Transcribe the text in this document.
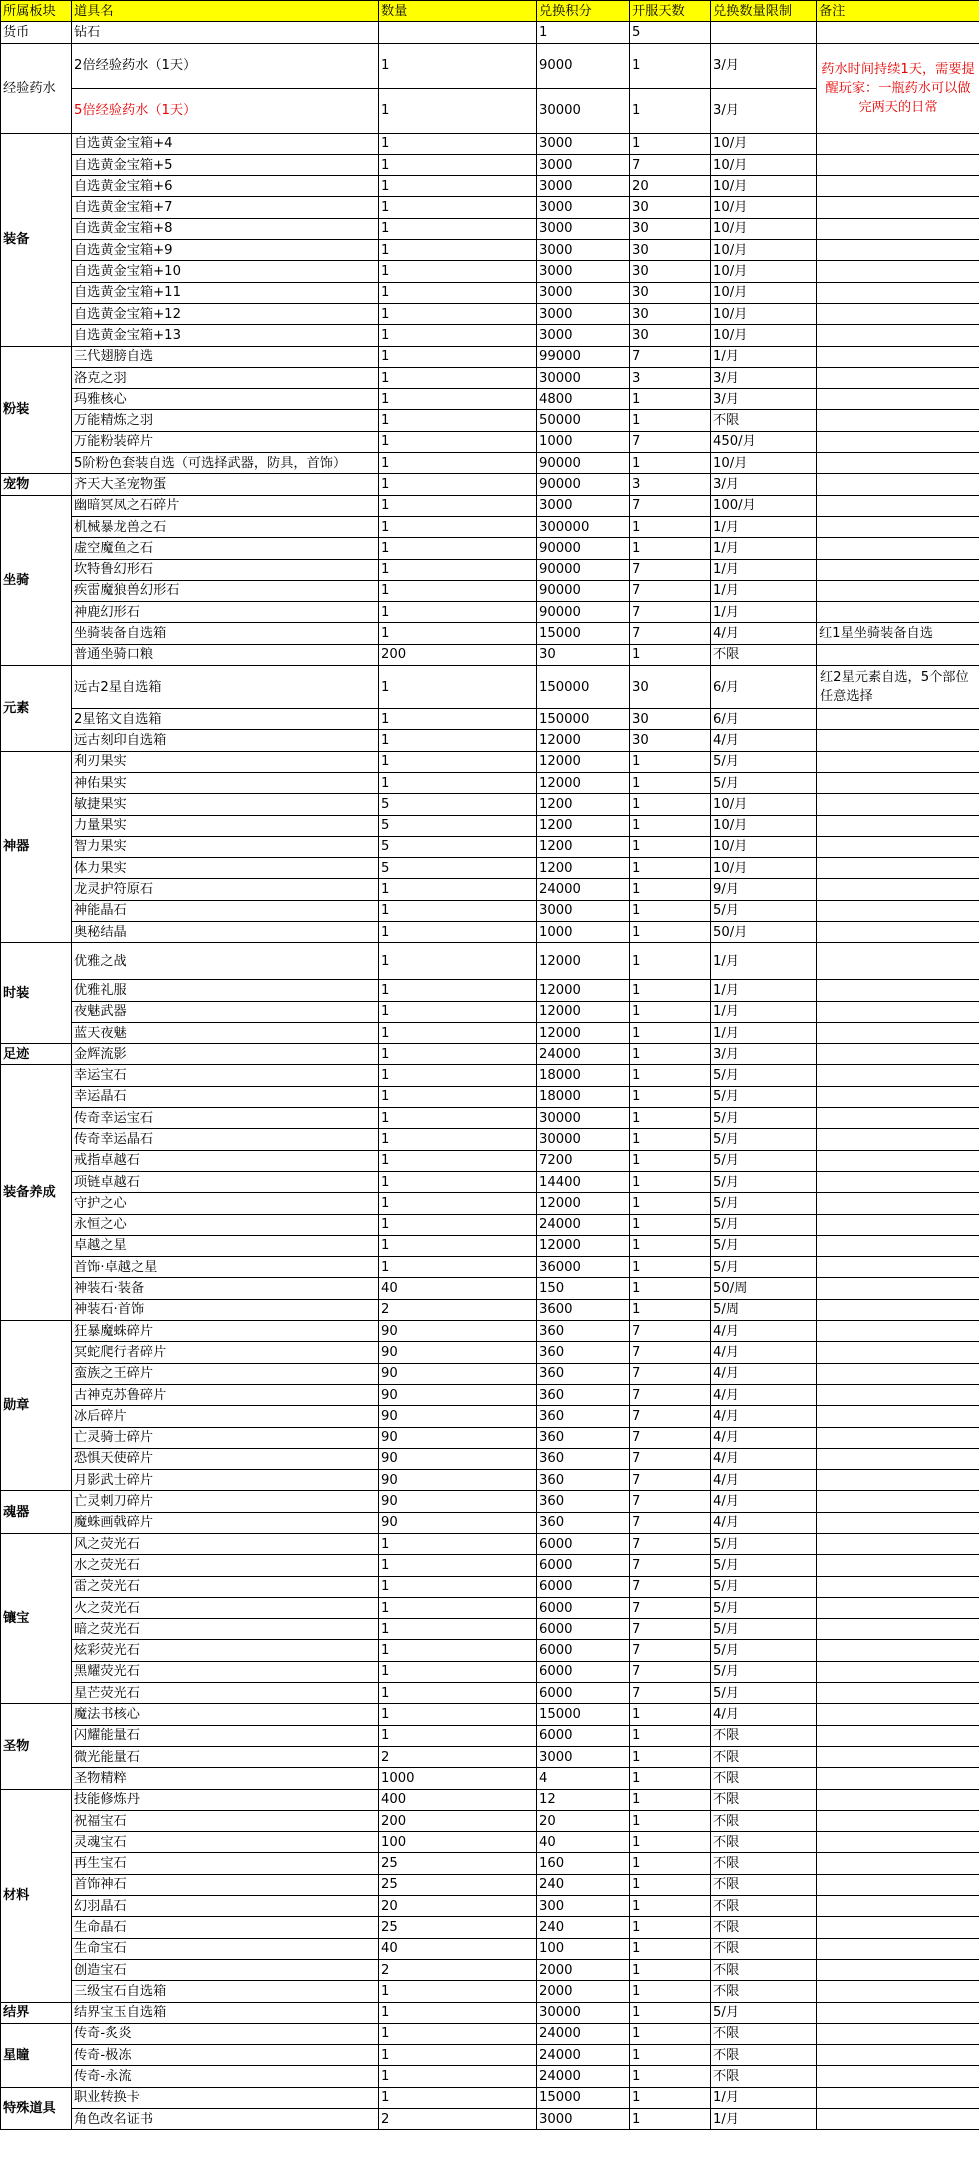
所属板块	道具名	数量	兑换积分	开服天数	兑换数量限制	备注
货币	钻石		1	5		
经验药水	2倍经验药水（1天）	1	9000	1	3/月	药水时间持续1天，需要提醒玩家：一瓶药水可以做完两天的日常
	5倍经验药水（1天）	1	30000	1	3/月	
装备	自选黄金宝箱+4	1	3000	1	10/月	
	自选黄金宝箱+5	1	3000	7	10/月	
	自选黄金宝箱+6	1	3000	20	10/月	
	自选黄金宝箱+7	1	3000	30	10/月	
	自选黄金宝箱+8	1	3000	30	10/月	
	自选黄金宝箱+9	1	3000	30	10/月	
	自选黄金宝箱+10	1	3000	30	10/月	
	自选黄金宝箱+11	1	3000	30	10/月	
	自选黄金宝箱+12	1	3000	30	10/月	
	自选黄金宝箱+13	1	3000	30	10/月	
粉装	三代翅膀自选	1	99000	7	1/月	
	洛克之羽	1	30000	3	3/月	
	玛雅核心	1	4800	1	3/月	
	万能精炼之羽	1	50000	1	不限	
	万能粉装碎片	1	1000	7	450/月	
	5阶粉色套装自选（可选择武器，防具，首饰）	1	90000	1	10/月	
宠物	齐天大圣宠物蛋	1	90000	3	3/月	
坐骑	幽暗冥凤之石碎片	1	3000	7	100/月	
	机械暴龙兽之石	1	300000	1	1/月	
	虚空魔鱼之石	1	90000	1	1/月	
	坎特鲁幻形石	1	90000	7	1/月	
	疾雷魔狼兽幻形石	1	90000	7	1/月	
	神鹿幻形石	1	90000	7	1/月	
	坐骑装备自选箱	1	15000	7	4/月	红1星坐骑装备自选
	普通坐骑口粮	200	30	1	不限	
元素	远古2星自选箱	1	150000	30	6/月	红2星元素自选，5个部位任意选择
	2星铭文自选箱	1	150000	30	6/月	
	远古刻印自选箱	1	12000	30	4/月	
神器	利刃果实	1	12000	1	5/月	
	神佑果实	1	12000	1	5/月	
	敏捷果实	5	1200	1	10/月	
	力量果实	5	1200	1	10/月	
	智力果实	5	1200	1	10/月	
	体力果实	5	1200	1	10/月	
	龙灵护符原石	1	24000	1	9/月	
	神能晶石	1	3000	1	5/月	
	奥秘结晶	1	1000	1	50/月	
时装	优雅之战	1	12000	1	1/月	
	优雅礼服	1	12000	1	1/月	
	夜魅武器	1	12000	1	1/月	
	蓝天夜魅	1	12000	1	1/月	
足迹	金辉流影	1	24000	1	3/月	
装备养成	幸运宝石	1	18000	1	5/月	
	幸运晶石	1	18000	1	5/月	
	传奇幸运宝石	1	30000	1	5/月	
	传奇幸运晶石	1	30000	1	5/月	
	戒指卓越石	1	7200	1	5/月	
	项链卓越石	1	14400	1	5/月	
	守护之心	1	12000	1	5/月	
	永恒之心	1	24000	1	5/月	
	卓越之星	1	12000	1	5/月	
	首饰·卓越之星	1	36000	1	5/月	
	神装石·装备	40	150	1	50/周	
	神装石·首饰	2	3600	1	5/周	
勋章	狂暴魔蛛碎片	90	360	7	4/月	
	冥蛇爬行者碎片	90	360	7	4/月	
	蛮族之王碎片	90	360	7	4/月	
	古神克苏鲁碎片	90	360	7	4/月	
	冰后碎片	90	360	7	4/月	
	亡灵骑士碎片	90	360	7	4/月	
	恐惧天使碎片	90	360	7	4/月	
	月影武士碎片	90	360	7	4/月	
魂器	亡灵刺刀碎片	90	360	7	4/月	
	魔蛛画戟碎片	90	360	7	4/月	
镶宝	风之荧光石	1	6000	7	5/月	
	水之荧光石	1	6000	7	5/月	
	雷之荧光石	1	6000	7	5/月	
	火之荧光石	1	6000	7	5/月	
	暗之荧光石	1	6000	7	5/月	
	炫彩荧光石	1	6000	7	5/月	
	黑耀荧光石	1	6000	7	5/月	
	星芒荧光石	1	6000	7	5/月	
圣物	魔法书核心	1	15000	1	4/月	
	闪耀能量石	1	6000	1	不限	
	微光能量石	2	3000	1	不限	
	圣物精粹	1000	4	1	不限	
材料	技能修炼丹	400	12	1	不限	
	祝福宝石	200	20	1	不限	
	灵魂宝石	100	40	1	不限	
	再生宝石	25	160	1	不限	
	首饰神石	25	240	1	不限	
	幻羽晶石	20	300	1	不限	
	生命晶石	25	240	1	不限	
	生命宝石	40	100	1	不限	
	创造宝石	2	2000	1	不限	
	三级宝石自选箱	1	2000	1	不限	
结界	结界宝玉自选箱	1	30000	1	5/月	
星瞳	传奇-炙炎	1	24000	1	不限	
	传奇-极冻	1	24000	1	不限	
	传奇-永流	1	24000	1	不限	
特殊道具	职业转换卡	1	15000	1	1/月	
	角色改名证书	2	3000	1	1/月	
